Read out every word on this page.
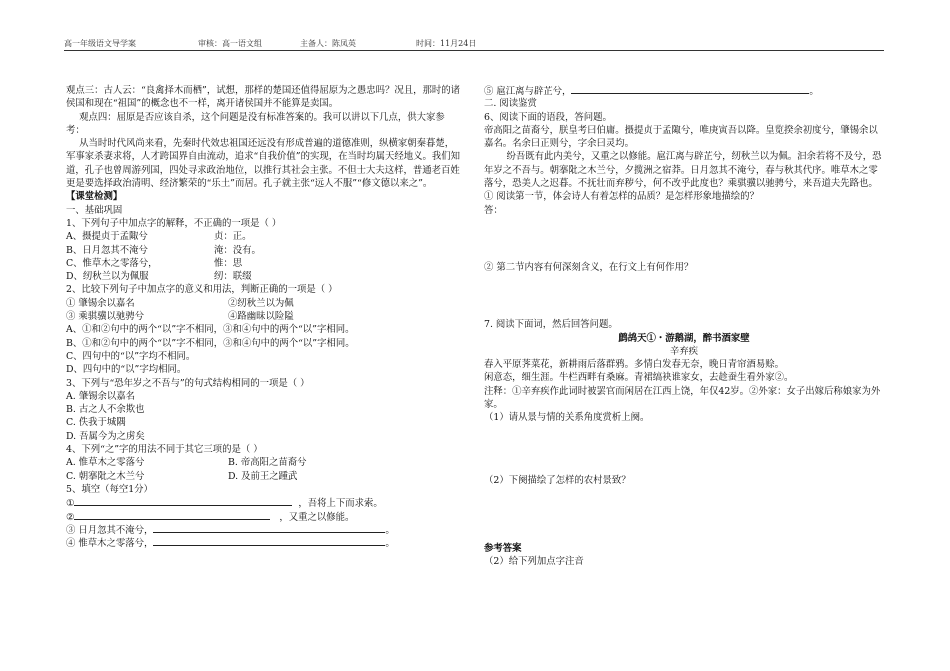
高一年级语文导学案	审核：高一语文组	主备人：陈凤英	时间：11月24日
观点三：古人云：“良禽择木而栖”，试想，那样的楚国还值得屈原为之愚忠吗？况且，那时的诸侯国和现在“祖国”的概念也不一样，离开诸侯国并不能算是卖国。
观点四：屈原是否应该自杀，这个问题是没有标准答案的。我可以讲以下几点，供大家参考：
从当时时代风尚来看，先秦时代效忠祖国还远没有形成普遍的道德准则，纵横家朝秦暮楚，军事家杀妻求将，人才跨国界自由流动，追求“自我价值”的实现，在当时均属天经地义。我们知道，孔子也曾周游列国，四处寻求政治地位，以推行其社会主张。不但士大夫这样，普通老百姓更是要选择政治清明、经济繁荣的“乐土”而居。孔子就主张“远人不服”“修文德以来之”。
【课堂检测】
一、基础巩固
1、下列句子中加点字的解释，不正确的一项是（ ）
A、摄提贞于孟陬兮	贞：正。
B、日月忽其不淹兮	淹：没有。
C、惟草木之零落兮，	惟：思
D、纫秋兰以为佩服	纫：联缀
2、比较下列句子中加点字的意义和用法，判断正确的一项是（ ）
① 肇锡余以嘉名	②纫秋兰以为佩
③ 乘骐骥以驰骋兮	④路幽昧以险隘
A、①和②句中的两个“以”字不相同，③和④句中的两个“以”字相同。
B、①和②句中的两个“以”字不相同，③和④句中的两个“以”字相同。
C、四句中的“以”字均不相同。
D、四句中的“以”字均相同。
3、下列与“恐年岁之不吾与”的句式结构相同的一项是（ ）
A. 肇锡余以嘉名
B. 古之人不余欺也
C. 佚我于城隅
D. 吾属今为之虏矣
4、下列“之”字的用法不同于其它三项的是（ ）
A. 惟草木之零落兮	B. 帝高阳之苗裔兮
C. 朝搴阰之木兰兮	D. 及前王之踵武
5、填空（每空1分）
①	，吾将上下而求索。
②	，又重之以修能。
③ 日月忽其不淹兮，	。
④ 惟草木之零落兮，	。
⑤ 扈江离与辟芷兮，	。
二. 阅读鉴赏
6、阅读下面的语段，答问题。
帝高阳之苗裔兮，朕皇考曰伯庸。摄提贞于孟陬兮，唯庚寅吾以降。皇览揆余初度兮，肇锡余以嘉名。名余曰正则兮，字余曰灵均。
纷吾既有此内美兮，又重之以修能。扈江离与辟芷兮，纫秋兰以为佩。汩余若将不及兮，恐年岁之不吾与。朝搴阰之木兰兮，夕揽洲之宿莽。日月忽其不淹兮，春与秋其代序。唯草木之零落兮，恐美人之迟暮。不抚壮而弃秽兮，何不改乎此度也？乘骐骥以驰骋兮，来吾道夫先路也。
① 阅读第一节，体会诗人有着怎样的品质？是怎样形象地描绘的？
答：
② 第二节内容有何深刻含义，在行文上有何作用？
7. 阅读下面词，然后回答问题。
鹧鸪天①・游鹅湖，醉书酒家壁
辛弃疾
春入平原荠菜花，新耕雨后落群鸦。多情白发春无奈，晚日青帘酒易赊。
闲意态，细生涯。牛栏西畔有桑麻。青裙缟袂谁家女，去趁蚕生看外家②。
注释：①辛弃疾作此词时被罢官而闲居在江西上饶，年仅42岁。②外家：女子出嫁后称娘家为外家。
（1）请从景与情的关系角度赏析上阕。
（2）下阕描绘了怎样的农村景致？
参考答案
（2）给下列加点字注音
